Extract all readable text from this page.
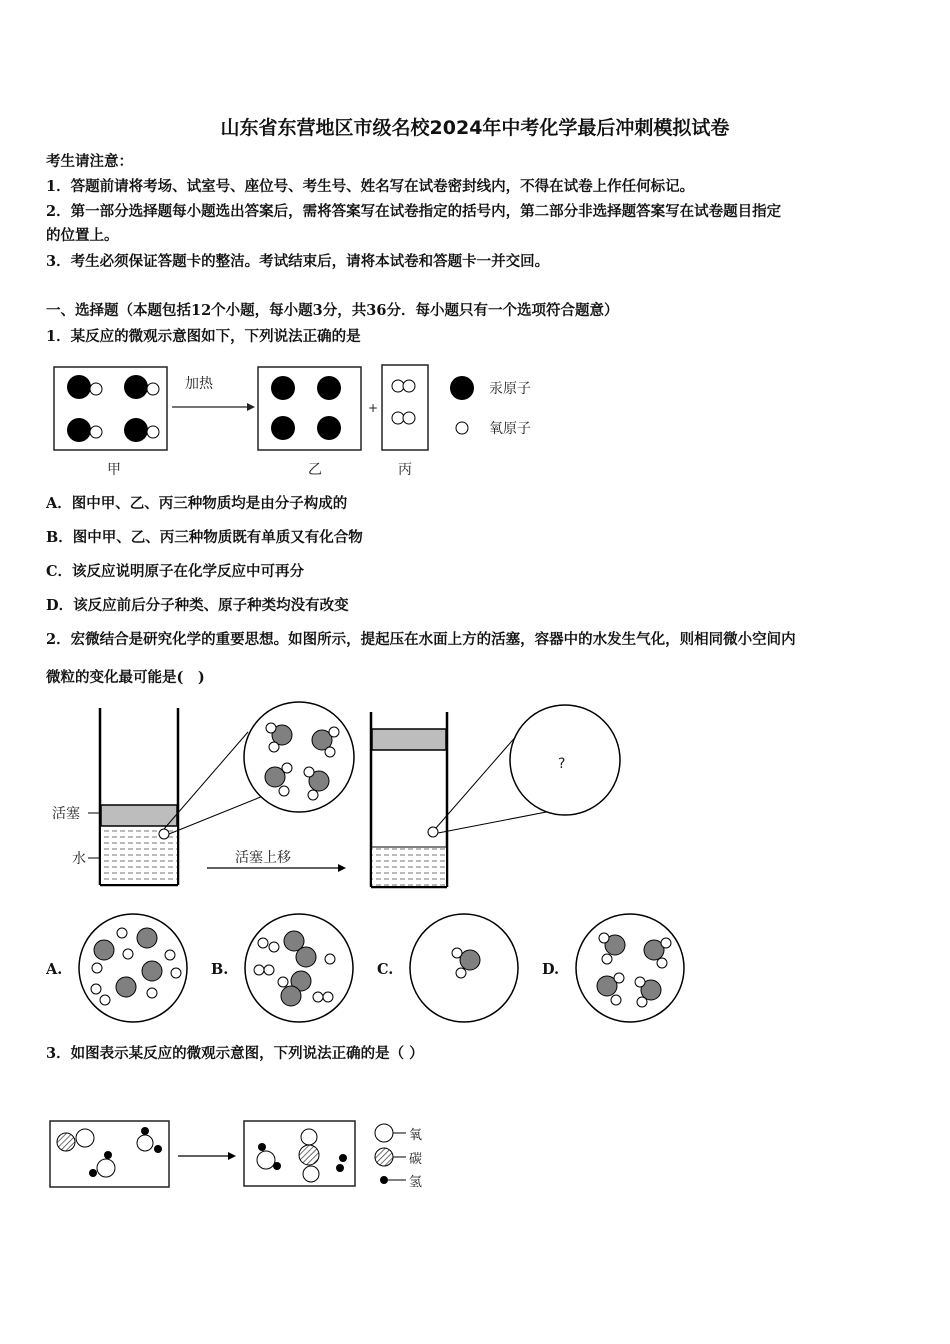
山东省东营地区市级名校2024年中考化学最后冲刺模拟试卷
考生请注意：
1．答题前请将考场、试室号、座位号、考生号、姓名写在试卷密封线内，不得在试卷上作任何标记。
2．第一部分选择题每小题选出答案后，需将答案写在试卷指定的括号内，第二部分非选择题答案写在试卷题目指定
的位置上。
3．考生必须保证答题卡的整洁。考试结束后，请将本试卷和答题卡一并交回。
一、选择题（本题包括12个小题，每小题3分，共36分．每小题只有一个选项符合题意）
1．某反应的微观示意图如下，下列说法正确的是
A．图中甲、乙、丙三种物质均是由分子构成的
B．图中甲、乙、丙三种物质既有单质又有化合物
C．该反应说明原子在化学反应中可再分
D．该反应前后分子种类、原子种类均没有改变
2．宏微结合是研究化学的重要思想。如图所示，提起压在水面上方的活塞，容器中的水发生气化，则相同微小空间内
微粒的变化最可能是(　)
A.	B.	C.	D.
3．如图表示某反应的微观示意图，下列说法正确的是（ ）
加热
+
甲	乙	丙
汞原子
氧原子
活塞
水	活塞上移
?
氧
碳
氢
